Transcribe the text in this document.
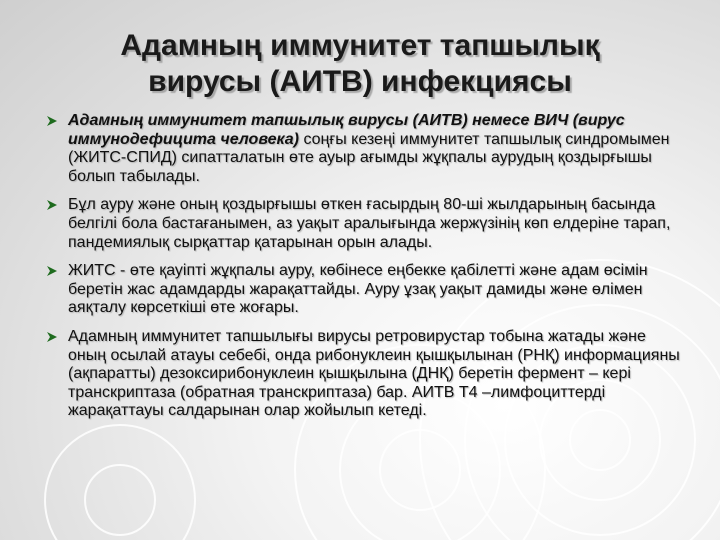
Адамның иммунитет тапшылық
вирусы (АИТВ) инфекциясы
Адамның иммунитет тапшылық вирусы (АИТВ) немесе ВИЧ (вирус иммунодефицита человека) соңғы кезеңі иммунитет тапшылық синдромымен (ЖИТС-СПИД) сипатталатын өте ауыр ағымды жұқпалы аурудың қоздырғышы болып табылады.
Бұл ауру және оның қоздырғышы өткен ғасырдың 80-ші жылдарының басында белгілі бола бастағанымен, аз уақыт аралығында жержүзінің көп елдеріне тарап, пандемиялық сырқаттар қатарынан орын алады.
ЖИТС - өте қауіпті жұқпалы ауру, көбінесе еңбекке қабілетті және адам өсімін беретін жас адамдарды жарақаттайды. Ауру ұзақ уақыт дамиды және өлімен аяқталу көрсеткіші өте жоғары.
Адамның иммунитет тапшылығы вирусы ретровирустар тобына жатады және оның осылай атауы себебі, онда рибонуклеин қышқылынан (РНҚ) информацияны (ақпаратты) дезоксирибонуклеин қышқылына (ДНҚ) беретін фермент – кері транскриптаза (обратная транскриптаза) бар. АИТВ Т4 –лимфоциттерді жарақаттауы салдарынан олар жойылып кетеді.
